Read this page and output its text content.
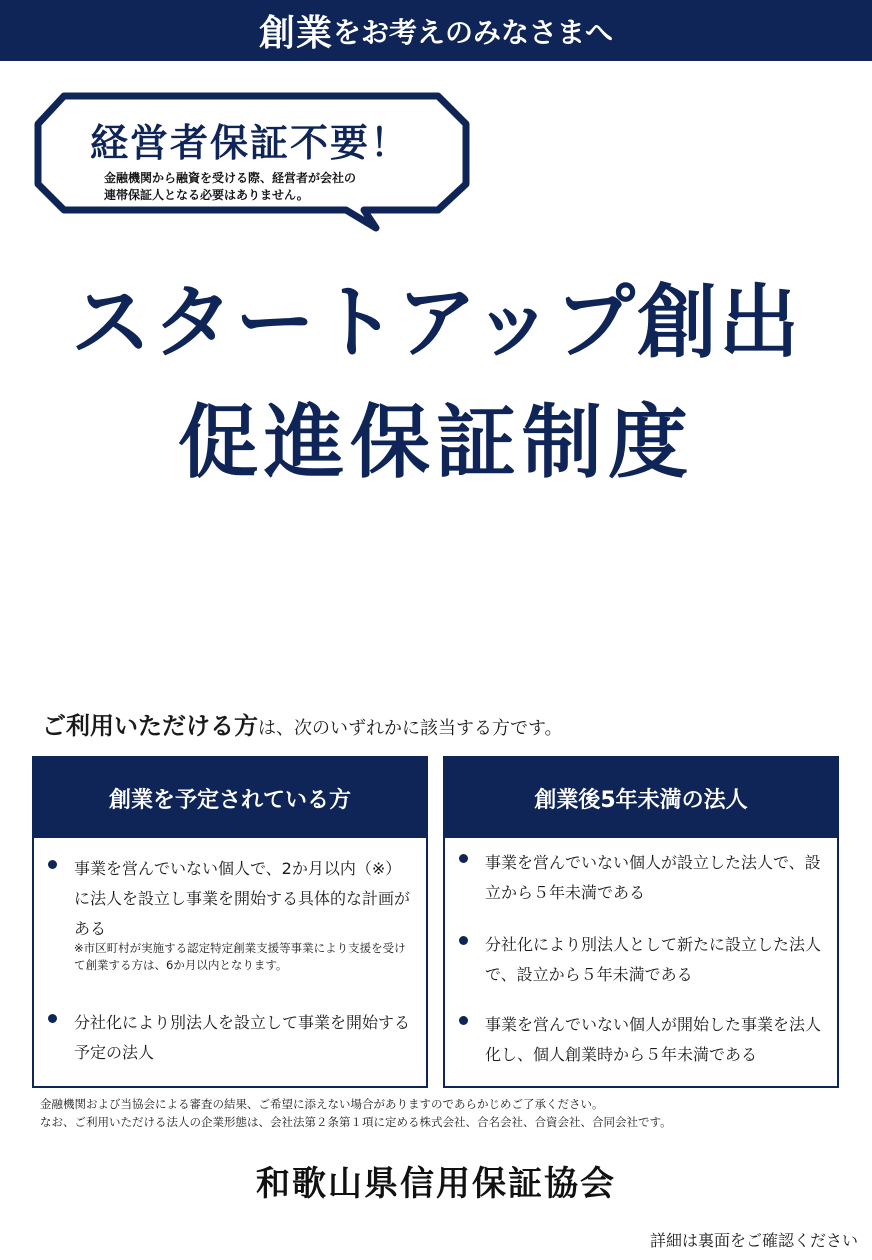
創業 をお考えのみなさまへ
経営者保証不要！
金融機関から融資を受ける際、経営者が会社の
連帯保証人となる必要はありません。
スタートアップ創出
促進保証制度
ご利用いただける方は、次のいずれかに該当する方です。
創業を予定されている方
事業を営んでいない個人で、2か月以内（※）に法人を設立し事業を開始する具体的な計画がある
※市区町村が実施する認定特定創業支援等事業により支援を受けて創業する方は、6か月以内となります。
分社化により別法人を設立して事業を開始する予定の法人
創業後5年未満の法人
事業を営んでいない個人が設立した法人で、設立から５年未満である
分社化により別法人として新たに設立した法人で、設立から５年未満である
事業を営んでいない個人が開始した事業を法人化し、個人創業時から５年未満である
金融機関および当協会による審査の結果、ご希望に添えない場合がありますのであらかじめご了承ください。
なお、ご利用いただける法人の企業形態は、会社法第２条第１項に定める株式会社、合名会社、合資会社、合同会社です。
和歌山県信用保証協会
詳細は裏面をご確認ください
